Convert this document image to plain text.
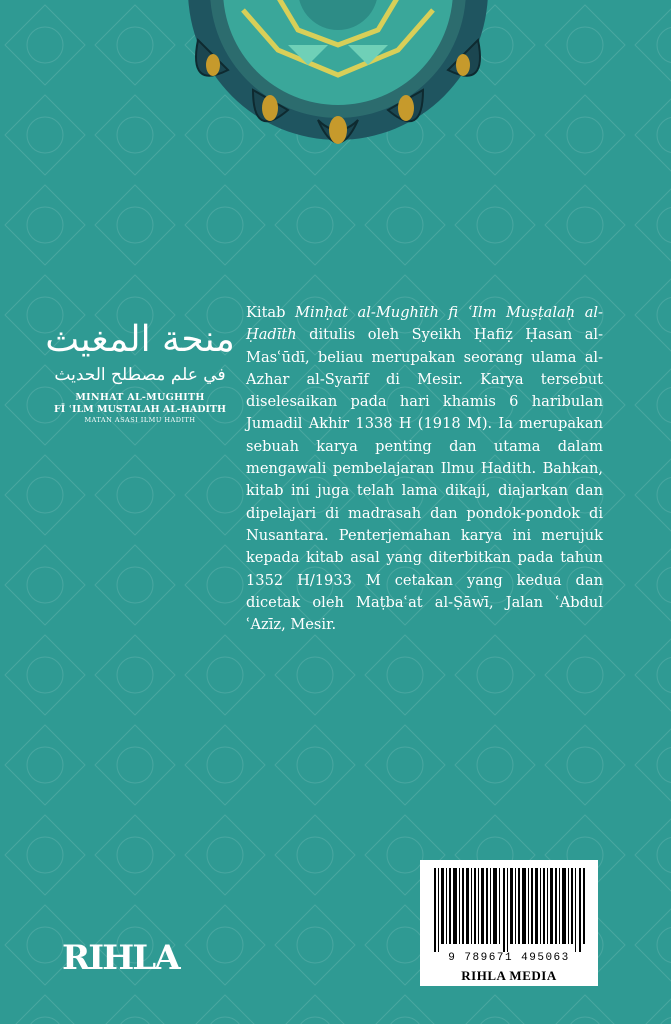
منحة المغيث

في علم مصطلح الحديث

MINHAT AL-MUGHITH

FĪ ʿILM MUSTALAH AL-HADITH

MATAN ASASI ILMU HADITH

Kitab Minḥat al-Mughīth fi ʿIlm Muṣṭalaḥ al-Ḥadīth ditulis oleh Syeikh Ḥafiẓ Ḥasan al-Masʿūdī, beliau merupakan seorang ulama al-Azhar al-Syarīf di Mesir. Karya tersebut diselesaikan pada hari khamis 6 haribulan Jumadil Akhir 1338 H (1918 M). Ia merupakan sebuah karya penting dan utama dalam mengawali pembelajaran Ilmu Hadith. Bahkan, kitab ini juga telah lama dikaji, diajarkan dan dipelajari di madrasah dan pondok-pondok di Nusantara. Penterjemahan karya ini merujuk kepada kitab asal yang diterbitkan pada tahun 1352 H/1933 M cetakan yang kedua dan dicetak oleh Maṭbaʿat al-Ṣāwī, Jalan ʿAbdul ʿAzīz, Mesir.

RIHLA	9 789671 495063
RIHLA MEDIA
